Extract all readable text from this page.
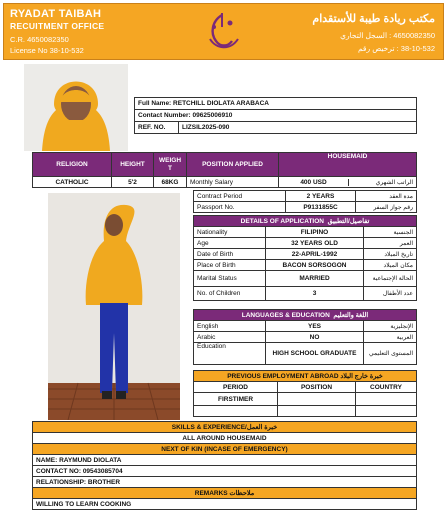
RYADAT TAIBAH
RECUITMENT OFFICE
C.R. 4650082350
License No 38-10-532
مكتب ريادة طيبة للأستقدام
4650082350 : السجل التجاري
38-10-532 : ترخيص رقم
Full Name: RETCHILL DIOLATA ARABACA
Contact Number: 09625006910
REF. NO.	LIZSIL2025-090
RELIGION	HEIGHT	WEIGH T	POSITION APPLIED	HOUSEMAID
CATHOLIC	5'2	68KG	Monthly Salary	400 USD الراتب الشهري
Contract Period	2 YEARS	مدة العقد
Passport No.	P9131855C	رقم جواز السفر
DETAILS OF APPLICATION تفاصيل/التطبيق		
Nationality	FILIPINO	الجنسية
Age	32 YEARS OLD	العمر
Date of Birth	22-APRIL-1992	تاريخ الميلاد
Place of Birth	BACON SORSOGON	مكان الميلاد
Marital Status	MARRIED	الحالة الإجتماعية
No. of Children	3	عدد الأطفال
LANGUAGES & EDUCATION اللغة والتعليم		
English	YES	الإنجليزية
Arabic	NO	العربية
Education	HIGH SCHOOL GRADUATE	المستوى التعليمي
PREVIOUS EMPLOYMENT ABROAD خبرة خارج البلاد		
PERIOD	POSITION	COUNTRY
FIRSTIMER		

SKILLS & EXPERIENCE/خبرة العمل
ALL AROUND HOUSEMAID
NEXT OF KIN (INCASE OF EMERGENCY)
NAME: RAYMUND DIOLATA
CONTACT NO: 09543085704
RELATIONSHIP: BROTHER
REMARKS ملاحظات
WILLING TO LEARN COOKING
